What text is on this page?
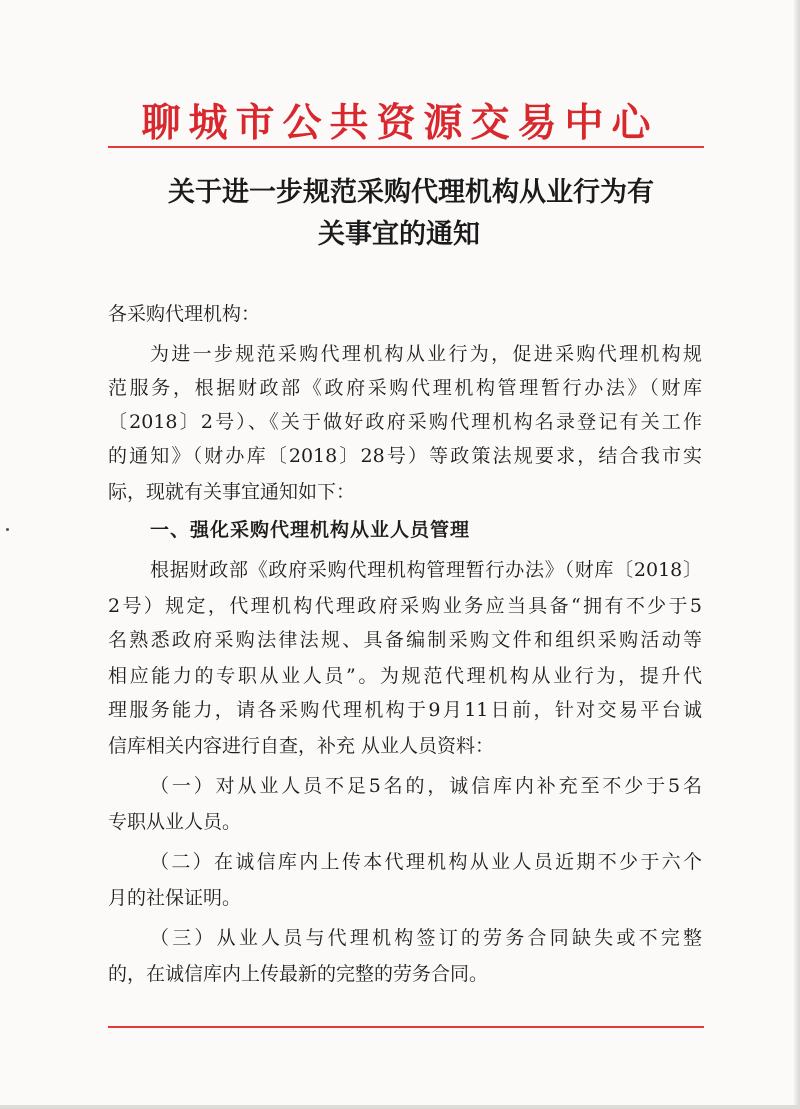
聊城市公共资源交易中心
关于进一步规范采购代理机构从业行为有
关事宜的通知
各采购代理机构：
为进一步规范采购代理机构从业行为，促进采购代理机构规
范服务，根据财政部《政府采购代理机构管理暂行办法》（财库
〔2018〕2号）、《关于做好政府采购代理机构名录登记有关工作
的通知》（财办库〔2018〕28号）等政策法规要求，结合我市实
际，现就有关事宜通知如下：
一、强化采购代理机构从业人员管理
根据财政部《政府采购代理机构管理暂行办法》（财库〔2018〕
2号）规定，代理机构代理政府采购业务应当具备“拥有不少于5
名熟悉政府采购法律法规、具备编制采购文件和组织采购活动等
相应能力的专职从业人员”。为规范代理机构从业行为，提升代
理服务能力，请各采购代理机构于9月11日前，针对交易平台诚
信库相关内容进行自查，补充 从业人员资料：
（一）对从业人员不足5名的，诚信库内补充至不少于5名
专职从业人员。
（二）在诚信库内上传本代理机构从业人员近期不少于六个
月的社保证明。
（三）从业人员与代理机构签订的劳务合同缺失或不完整
的，在诚信库内上传最新的完整的劳务合同。
